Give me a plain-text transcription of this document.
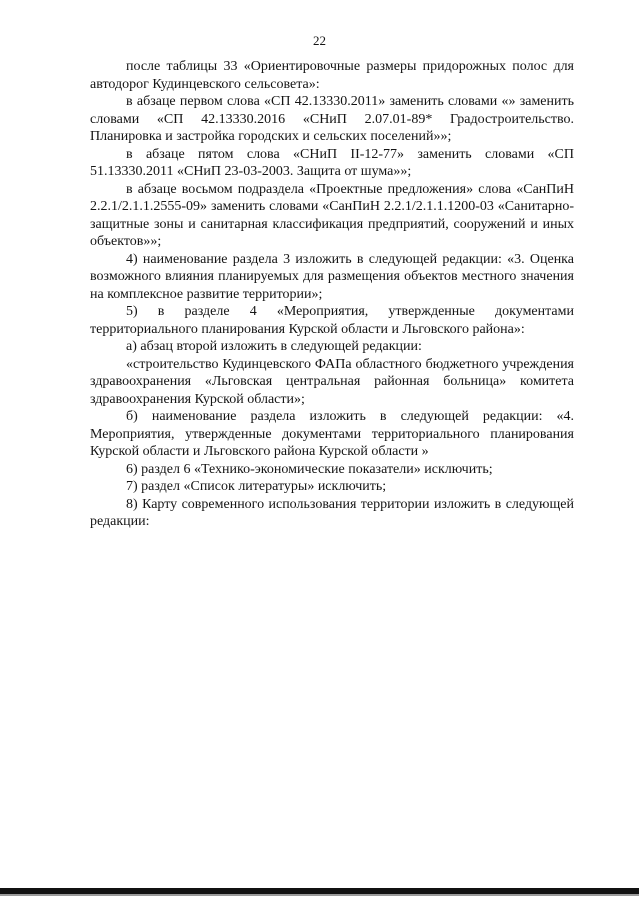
22

после таблицы 33 «Ориентировочные размеры придорожных полос для автодорог Кудинцевского сельсовета»:

в абзаце первом слова «СП 42.13330.2011» заменить словами «» заменить словами «СП 42.13330.2016 «СНиП 2.07.01-89* Градостроительство. Планировка и застройка городских и сельских поселений»»;

в абзаце пятом слова «СНиП II-12-77» заменить словами «СП 51.13330.2011 «СНиП 23-03-2003. Защита от шума»»;

в абзаце восьмом подраздела «Проектные предложения» слова «СанПиН 2.2.1/2.1.1.2555-09» заменить словами «СанПиН 2.2.1/2.1.1.1200-03 «Санитарно-защитные зоны и санитарная классификация предприятий, сооружений и иных объектов»»;

4) наименование раздела 3 изложить в следующей редакции: «3. Оценка возможного влияния планируемых для размещения объектов местного значения на комплексное развитие территории»;

5) в разделе 4 «Мероприятия, утвержденные документами территориального планирования Курской области и Льговского района»:

а) абзац второй изложить в следующей редакции:

«строительство Кудинцевского ФАПа областного бюджетного учреждения здравоохранения «Льговская центральная районная больница» комитета здравоохранения Курской области»;

б) наименование раздела изложить в следующей редакции: «4. Мероприятия, утвержденные документами территориального планирования Курской области и Льговского района Курской области »

6) раздел 6 «Технико-экономические показатели» исключить;

7) раздел «Список литературы» исключить;

8) Карту современного использования территории изложить в следующей редакции:
